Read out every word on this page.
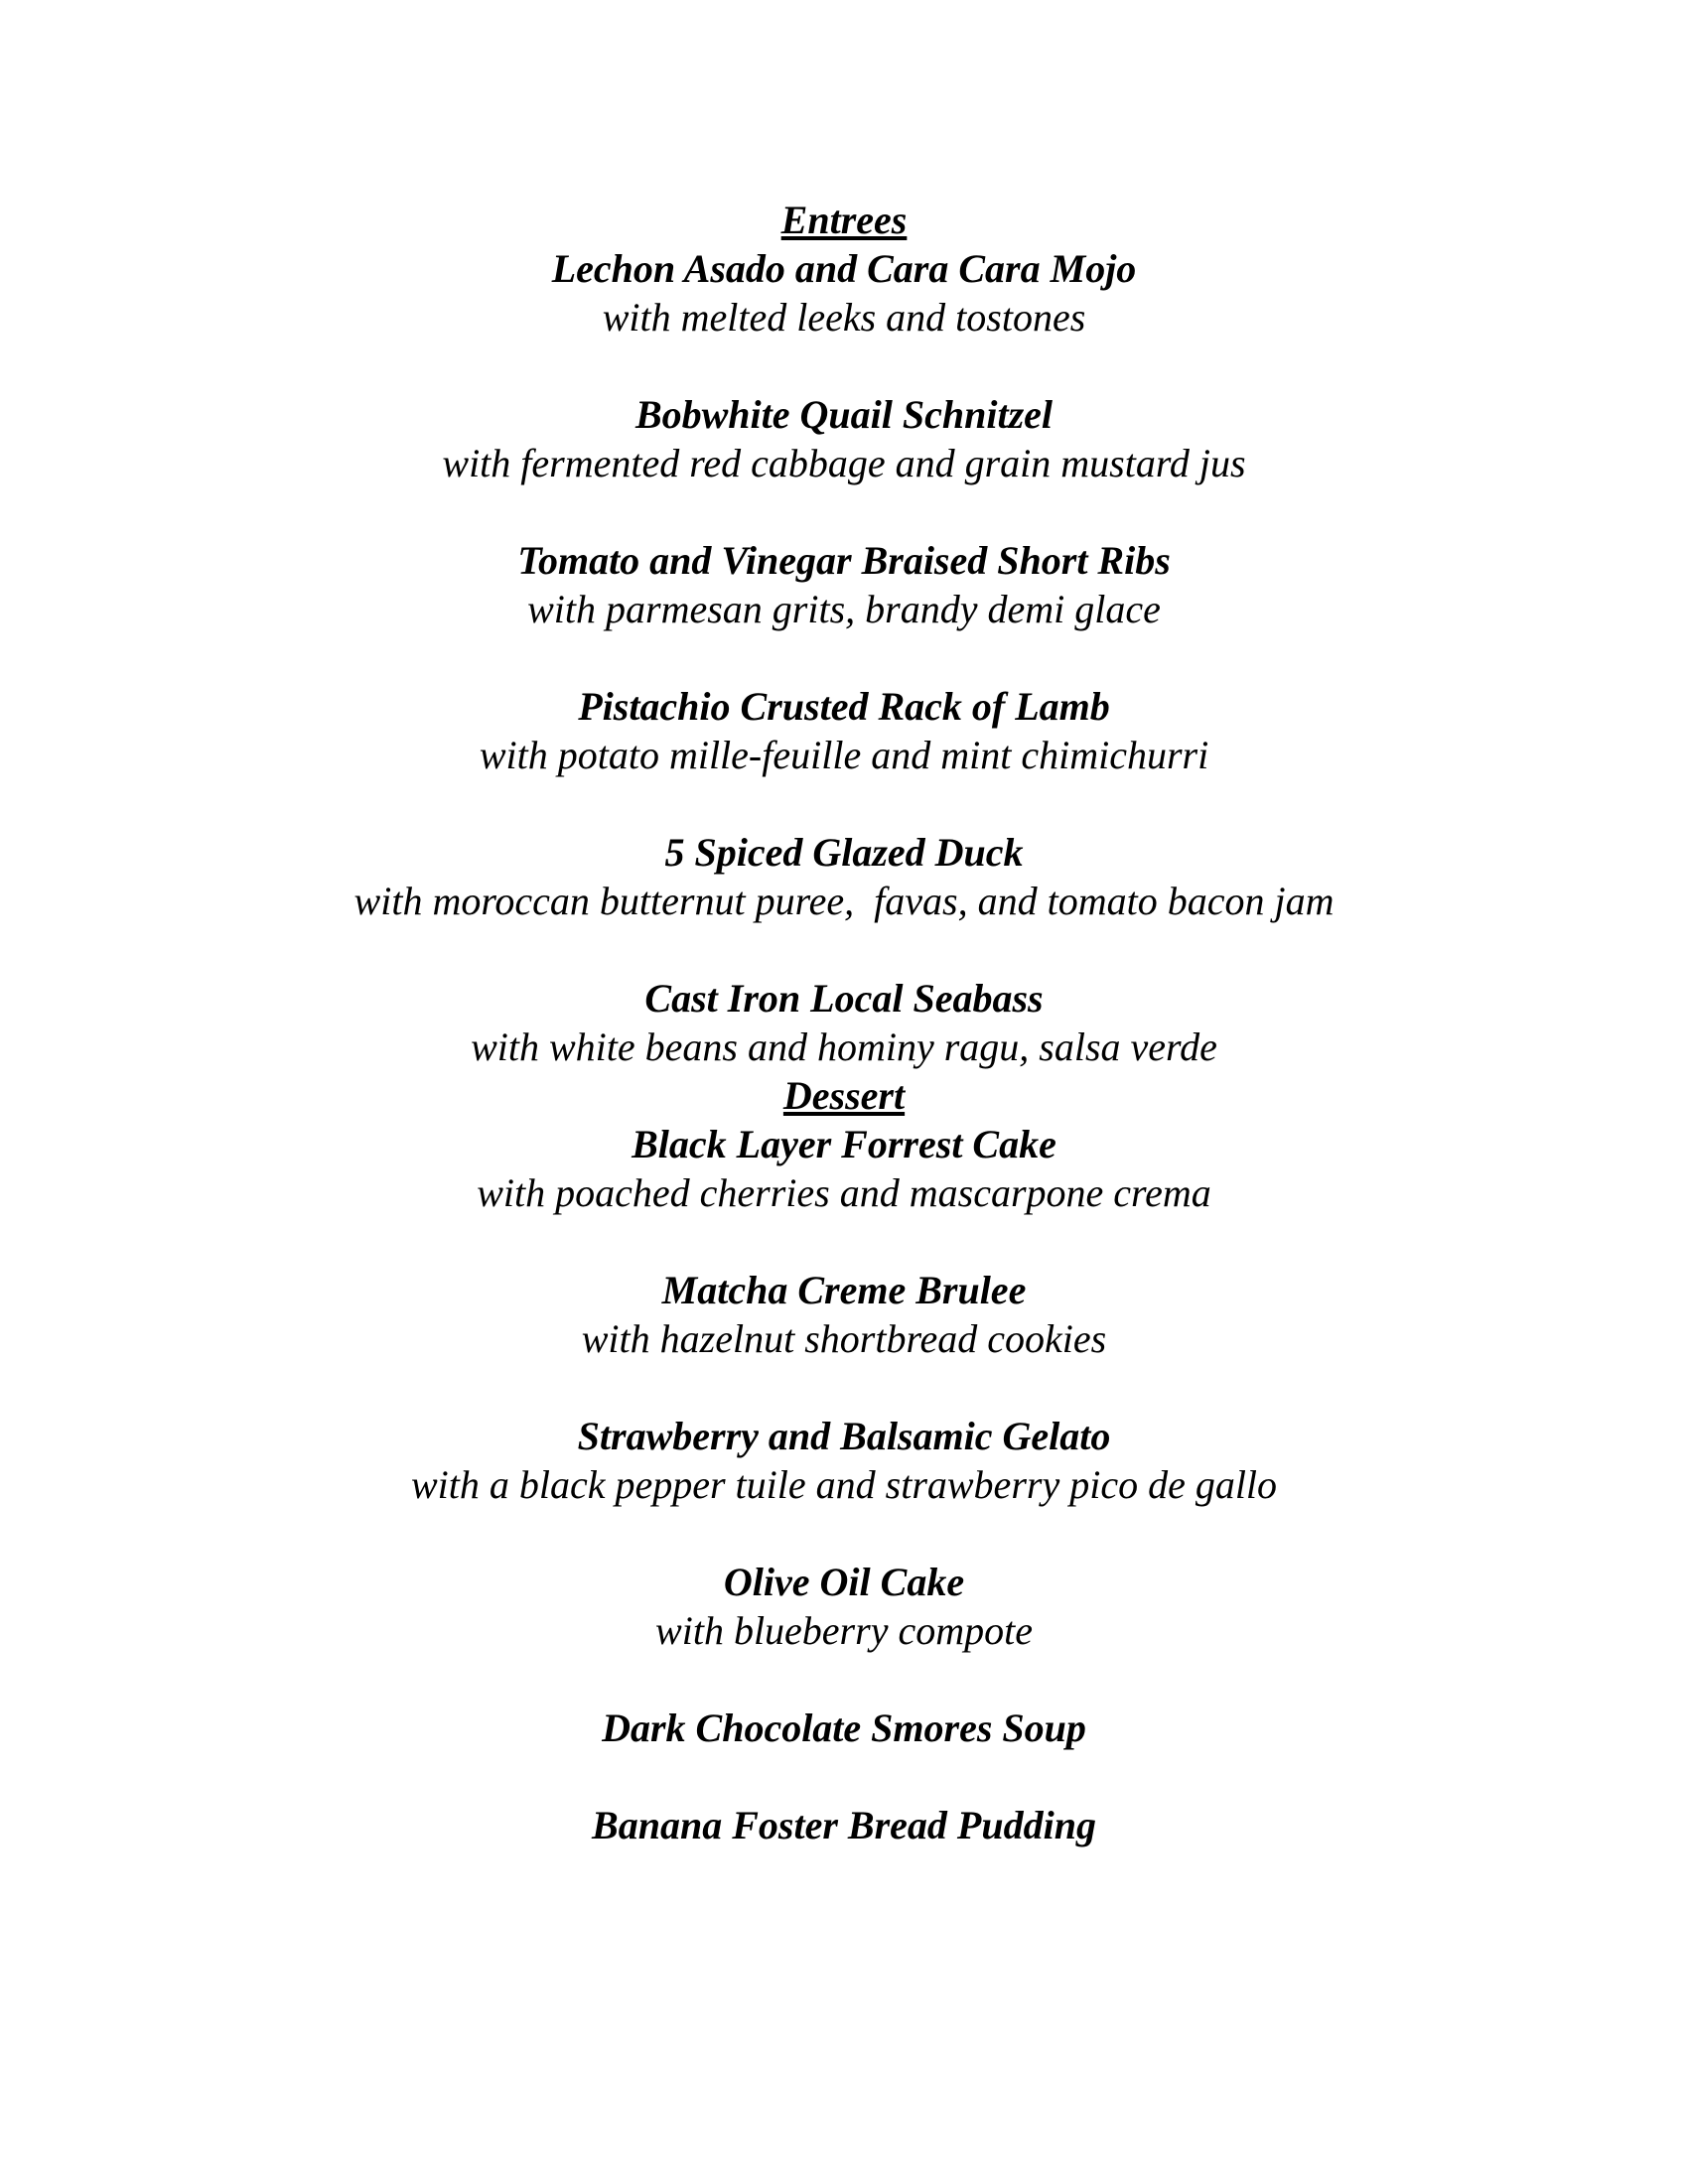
Entrees
Lechon Asado and Cara Cara Mojo
with melted leeks and tostones
Bobwhite Quail Schnitzel
with fermented red cabbage and grain mustard jus
Tomato and Vinegar Braised Short Ribs
with parmesan grits, brandy demi glace
Pistachio Crusted Rack of Lamb
with potato mille-feuille and mint chimichurri
5 Spiced Glazed Duck
with moroccan butternut puree,  favas, and tomato bacon jam
Cast Iron Local Seabass
with white beans and hominy ragu, salsa verde
Dessert
Black Layer Forrest Cake
with poached cherries and mascarpone crema
Matcha Creme Brulee
with hazelnut shortbread cookies
Strawberry and Balsamic Gelato
with a black pepper tuile and strawberry pico de gallo
Olive Oil Cake
with blueberry compote
Dark Chocolate Smores Soup
Banana Foster Bread Pudding
